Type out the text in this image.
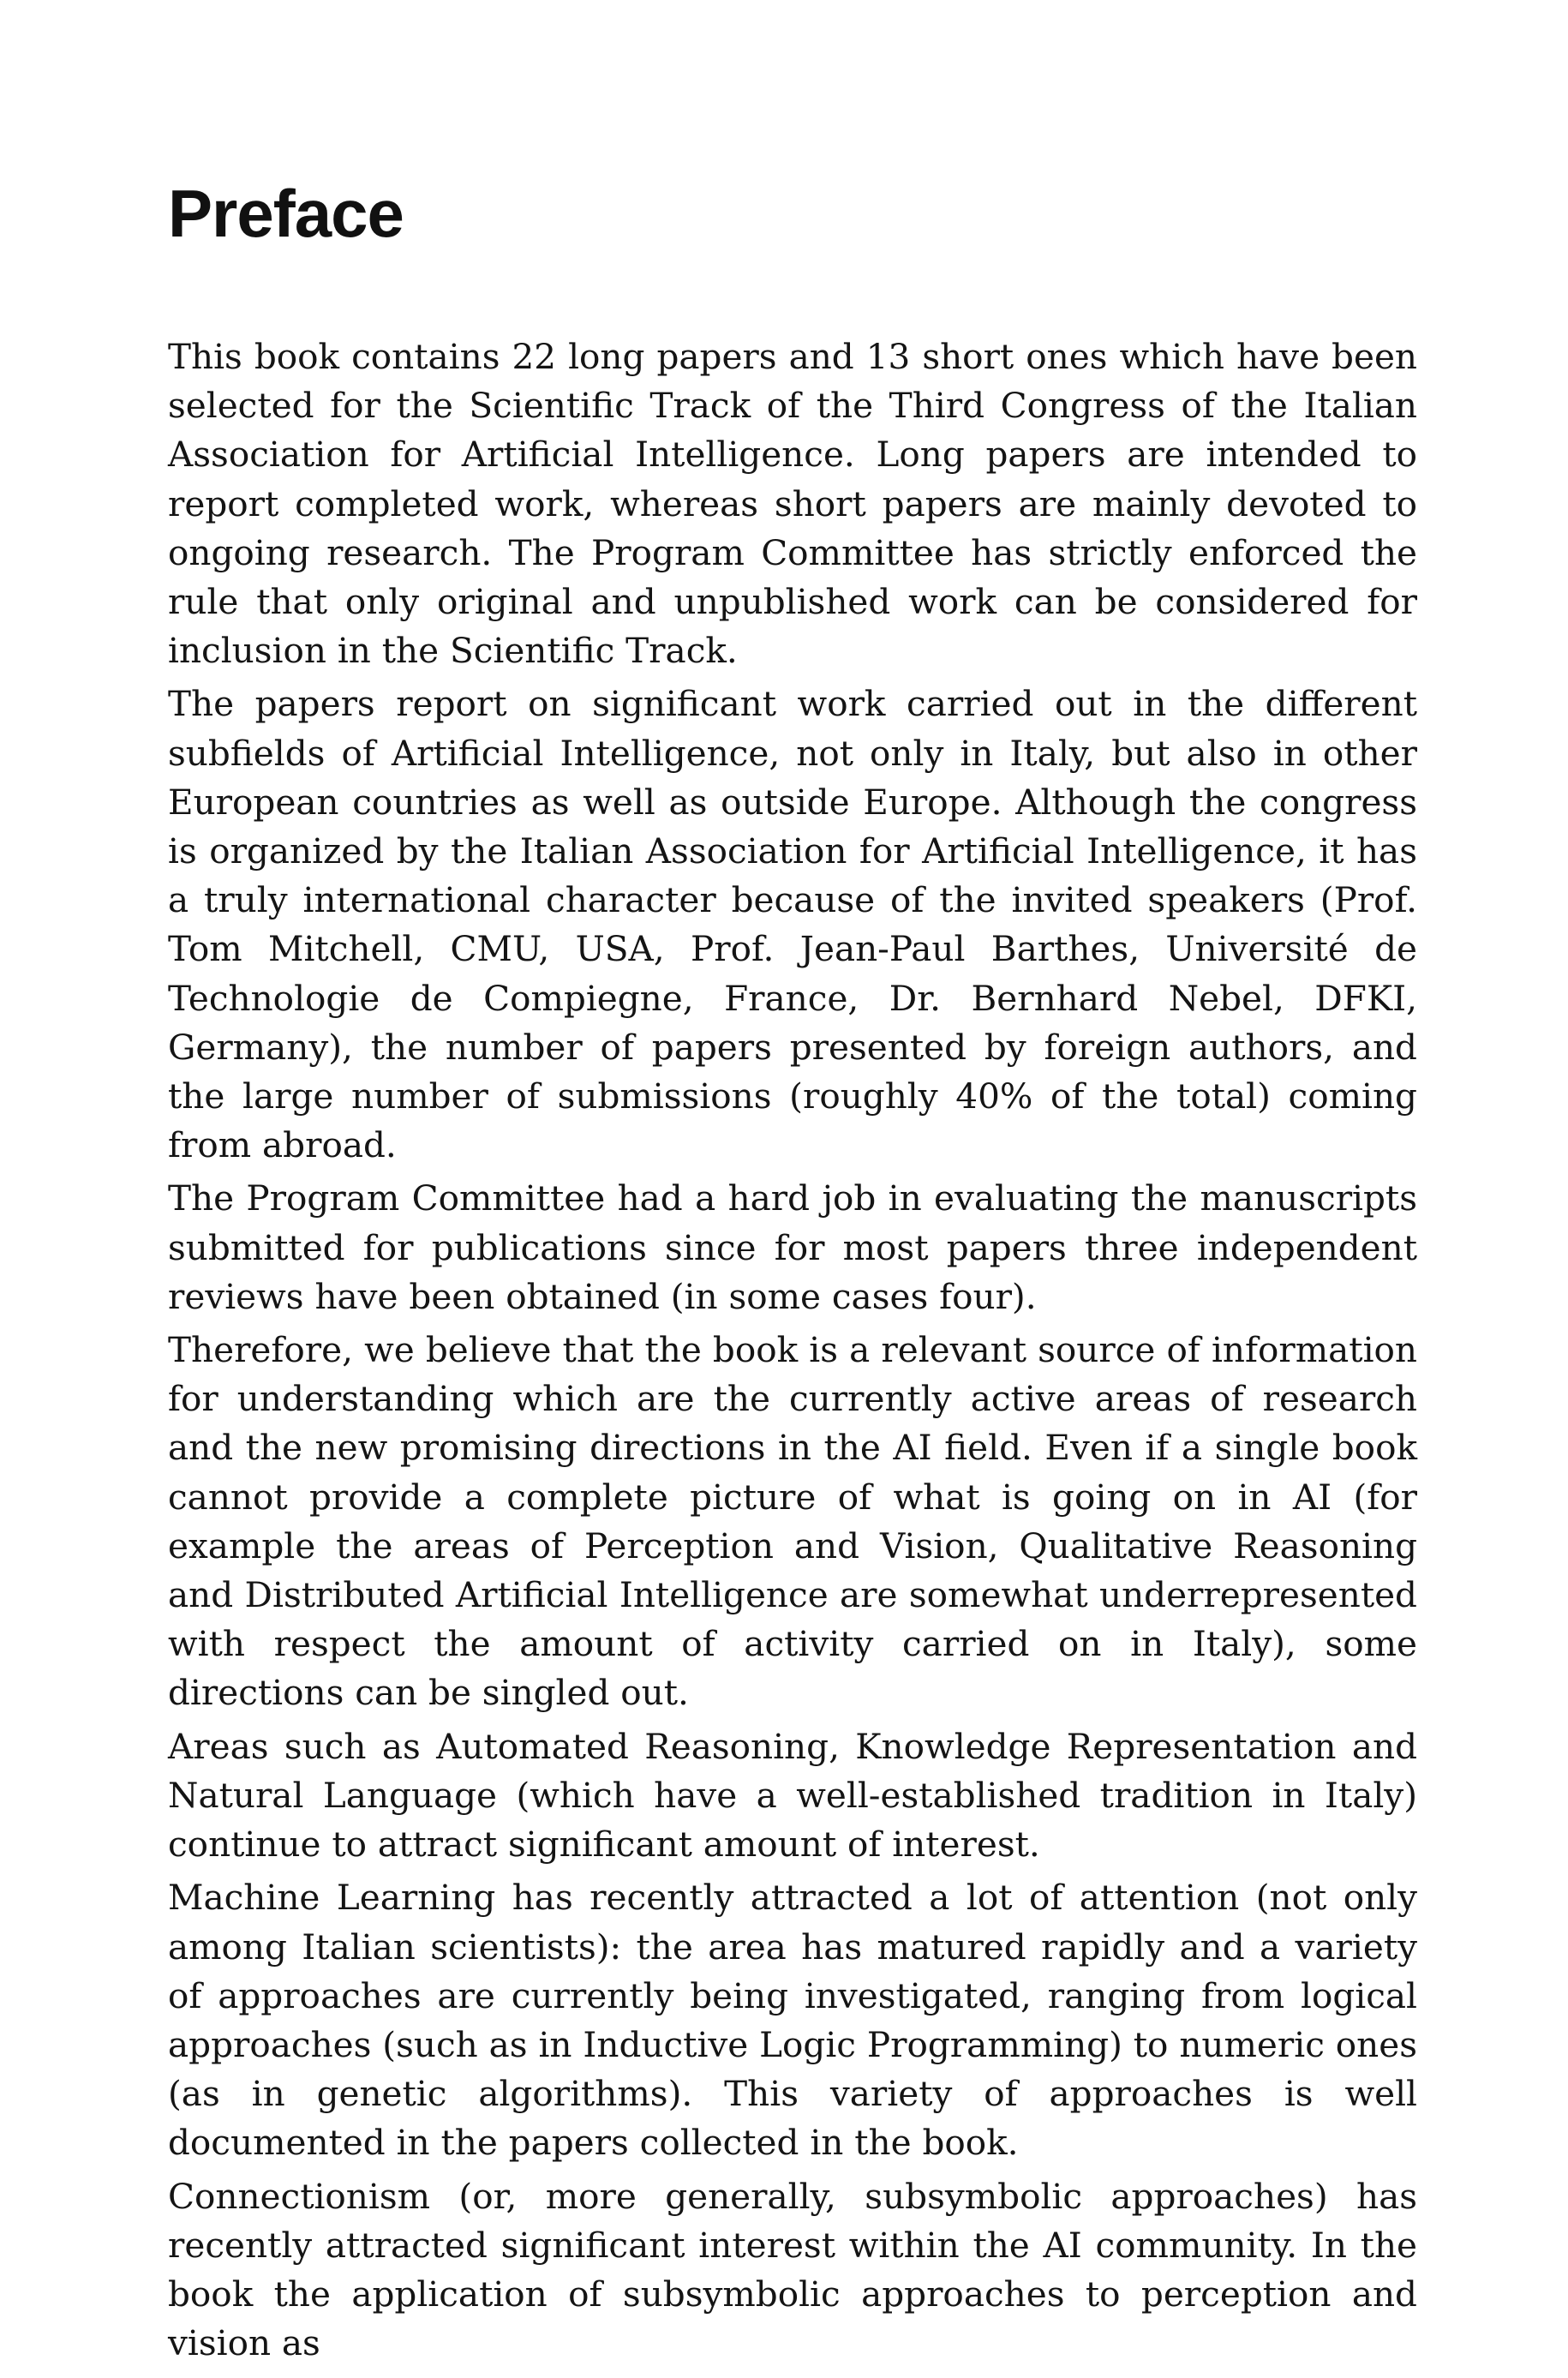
Preface

This book contains 22 long papers and 13 short ones which have been selected for the Scientific Track of the Third Congress of the Italian Association for Artificial Intelligence. Long papers are intended to report completed work, whereas short papers are mainly devoted to ongoing research. The Program Committee has strictly enforced the rule that only original and unpublished work can be considered for inclusion in the Scientific Track.

The papers report on significant work carried out in the different subfields of Artificial Intelligence, not only in Italy, but also in other European countries as well as outside Europe. Although the congress is organized by the Italian Association for Artificial Intelligence, it has a truly international character because of the invited speakers (Prof. Tom Mitchell, CMU, USA, Prof. Jean-Paul Barthes, Université de Technologie de Compiegne, France, Dr. Bernhard Nebel, DFKI, Germany), the number of papers presented by foreign authors, and the large number of submissions (roughly 40% of the total) coming from abroad.

The Program Committee had a hard job in evaluating the manuscripts submitted for publications since for most papers three independent reviews have been obtained (in some cases four).

Therefore, we believe that the book is a relevant source of information for understanding which are the currently active areas of research and the new promising directions in the AI field. Even if a single book cannot provide a complete picture of what is going on in AI (for example the areas of Perception and Vision, Qualitative Reasoning and Distributed Artificial Intelligence are somewhat underrepresented with respect the amount of activity carried on in Italy), some directions can be singled out.

Areas such as Automated Reasoning, Knowledge Representation and Natural Language (which have a well-established tradition in Italy) continue to attract significant amount of interest.

Machine Learning has recently attracted a lot of attention (not only among Italian scientists): the area has matured rapidly and a variety of approaches are currently being investigated, ranging from logical approaches (such as in Inductive Logic Programming) to numeric ones (as in genetic algorithms). This variety of approaches is well documented in the papers collected in the book.

Connectionism (or, more generally, subsymbolic approaches) has recently attracted significant interest within the AI community. In the book the application of subsymbolic approaches to perception and vision as
